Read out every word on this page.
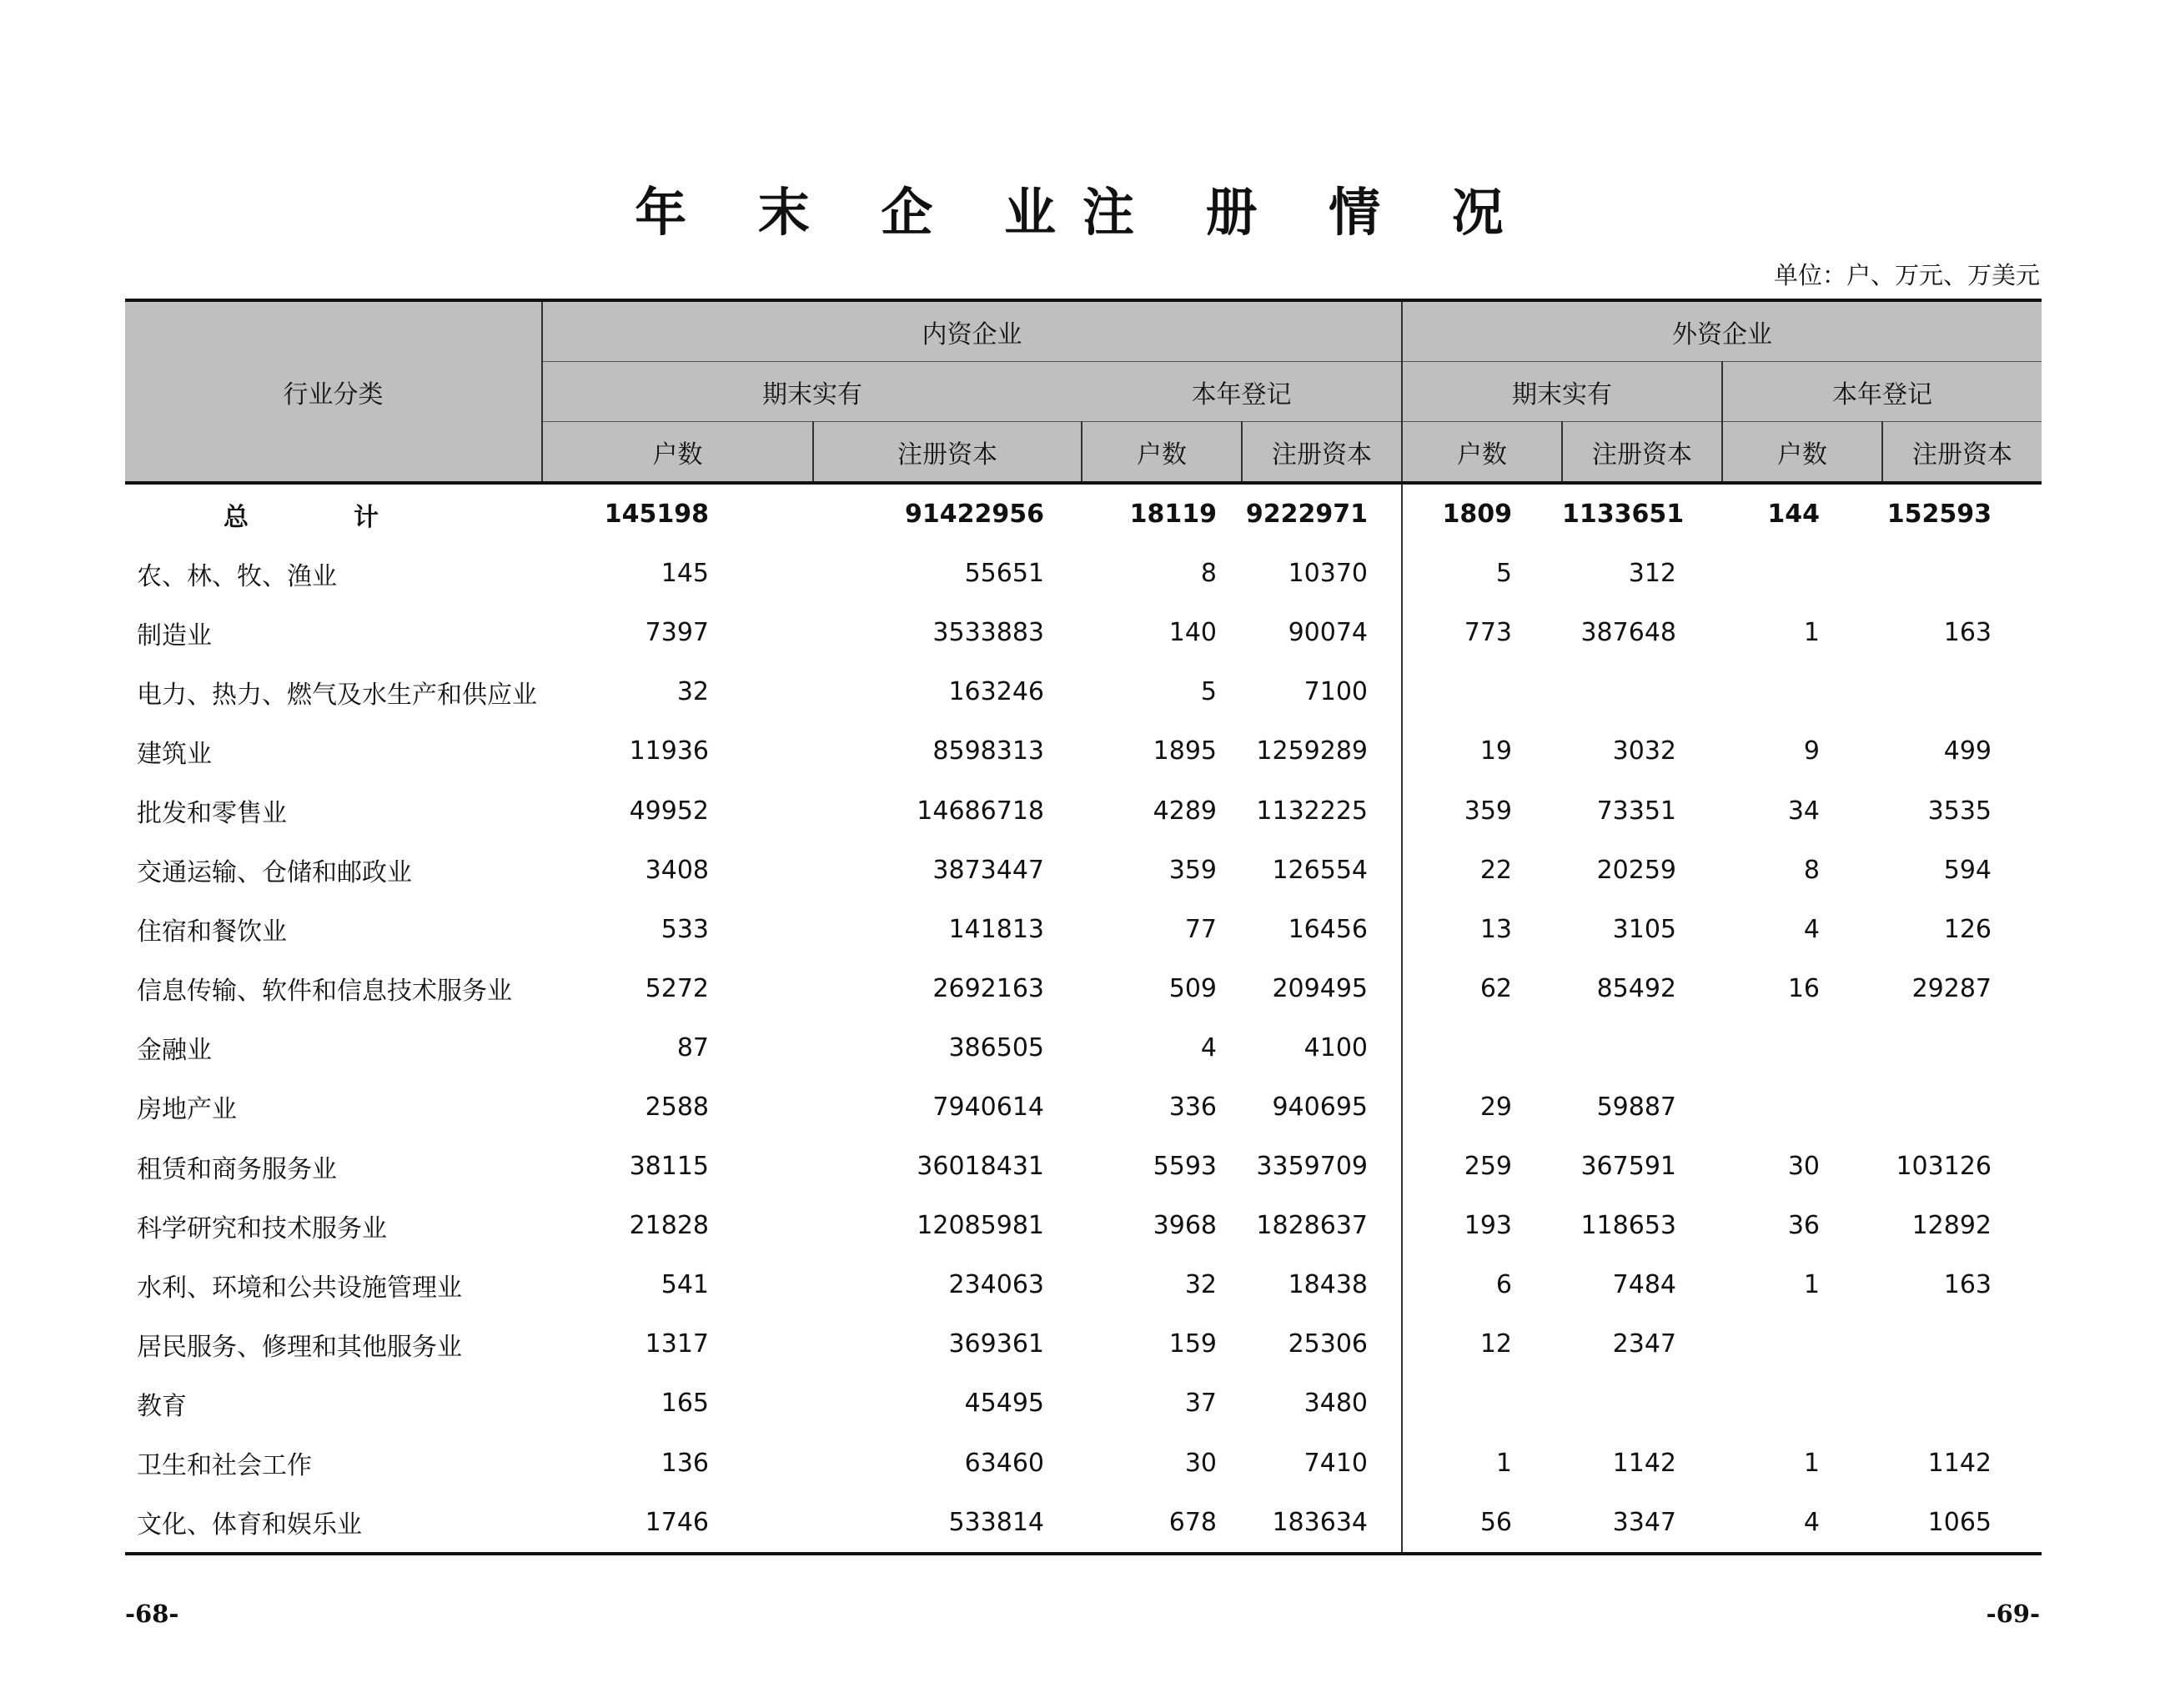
年 末 企 业注 册 情 况
单位：户、万元、万美元
行业分类	内资企业				外资企业			
	期末实有		本年登记		期末实有		本年登记	
	户数	注册资本	户数	注册资本	户数	注册资本	户数	注册资本
总　计	145198	91422956	18119	9222971	1809	1133651	144	152593
农、林、牧、渔业	145	55651	8	10370	5	312		
制造业	7397	3533883	140	90074	773	387648	1	163
电力、热力、燃气及水生产和供应业	32	163246	5	7100				
建筑业	11936	8598313	1895	1259289	19	3032	9	499
批发和零售业	49952	14686718	4289	1132225	359	73351	34	3535
交通运输、仓储和邮政业	3408	3873447	359	126554	22	20259	8	594
住宿和餐饮业	533	141813	77	16456	13	3105	4	126
信息传输、软件和信息技术服务业	5272	2692163	509	209495	62	85492	16	29287
金融业	87	386505	4	4100				
房地产业	2588	7940614	336	940695	29	59887		
租赁和商务服务业	38115	36018431	5593	3359709	259	367591	30	103126
科学研究和技术服务业	21828	12085981	3968	1828637	193	118653	36	12892
水利、环境和公共设施管理业	541	234063	32	18438	6	7484	1	163
居民服务、修理和其他服务业	1317	369361	159	25306	12	2347		
教育	165	45495	37	3480				
卫生和社会工作	136	63460	30	7410	1	1142	1	1142
文化、体育和娱乐业	1746	533814	678	183634	56	3347	4	1065
-68-	-69-
